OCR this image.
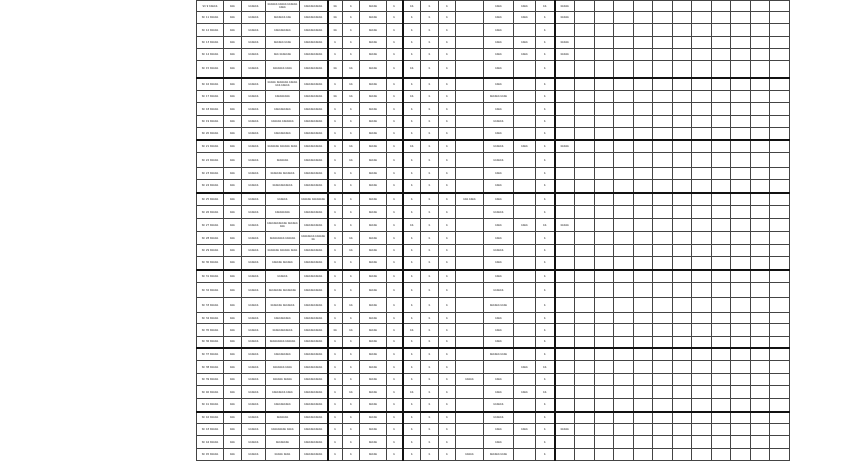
Sh 9 Kbbbb	bbb	bbbbbb	bbbbbb bbbbb bbbbbb bbbb	bbbbbbbbbbb	bb	b	bbbbb	b	bb	b	b		bbbb	bbbb	bb	bbbbb											
Sh 11 Kbbbb	bbb	bbbbbb	bbbbbbb bbb	bbbbbbbbbbb	bb	b	bbbbb	b	b	b	b		bbbb	bbbb	b	bbbbb											
Sh 12 Kbbbb	bbb	bbbbbb	bbbbbbbbbb	bbbbbbbbbbb	bb	b	bbbbb	b	b	b	b		bbbb		b												
Sh 13 Kbbbb	bbb	bbbbbb	bbbbbb bbbb	bbbbbbbbbbb	b	b	bbbbb	b	b	b	b		bbbb	bbbb	b	bbbbb											
Sh 14 Kbbbb	bbb	bbbbbb	bbb bbbbbbb	bbbbbbbbbbb	b	b	bbbbb	b	b	b	b		bbbb	bbbb	b	bbbbb											
Sh 15 Kbbbb	bbb	bbbbbb	bbbbbbb bbbb	bbbbbbbbbbb	bb	bb	bbbbb	b	bb	b	b		bbbb		b												
Sh 16 Kbbbb	bbb	bbbbbb	bbbbb bbbbbbb bbbbbbbb bbbbb	bbbbbbbbbbb	b	bb	bbbbb	b	b	b	b		bbbb		b												
Sh 17 Kbbbb	bbb	bbbbbb	bbbbbbbbb	bbbbbbbbbbb	bb	bb	bbbbb	b	bb	b	b		bbbbbb bbbb		b												
Sh 18 Kbbbb	bbb	bbbbbb	bbbbbbbbbb	bbbbbbbbbbb	b	b	bbbbb	b	b	b	b		bbbb		b												
Sh 19 Kbbbb	bbb	bbbbbb	bbbbbb bbbbbbb	bbbbbbbbbbb	b	b	bbbbb	b	b	b	b		bbbbbb		b												
Sh 20 Kbbbb	bbb	bbbbbb	bbbbbbbbbb	bbbbbbbbbbb	b	b	bbbbb	b	b	b	b		bbbb		b												
Sh 21 Kbbbb	bbb	bbbbbb	bbbbbbb bbbbbb bbbb	bbbbbbbbbbb	b	bb	bbbbb	b	bb	b	b		bbbbbb	bbbb	b	bbbbb											
Sh 22 Kbbbb	bbb	bbbbbb	bbbbbbb	bbbbbbbbbbb	b	bb	bbbbb	b	b	b	b		bbbbbb		b												
Sh 23 Kbbbb	bbb	bbbbbb	bbbbbbb bbbbbbb	bbbbbbbbbbb	b	b	bbbbb	b	b	b	b		bbbb		b												
Sh 24 Kbbbb	bbb	bbbbbb	bbbbbbbbbbbb	bbbbbbbbbbb	b	b	bbbbb	b	b	b	b		bbbb		b												
Sh 25 Kbbbb	bbb	bbbbbb	bbbbbb	bbbbbb bbbbbbbb	b	b	bbbbb	b	b	b	b	bbb bbbb	bbbb		b												
Sh 26 Kbbbb	bbb	bbbbbb	bbbbbbbbb	bbbbbbbbbbb	b	b	bbbbb	b	b	b	b		bbbbbb		b												
Sh 27 Kbbbb	bbb	bbbbbb	bbbbbbbbbbbb bbbbbbbbb	bbbbbbbbbbb	b	b	bbbbb	b	bb	b	b		bbbb	bbbb	bb	bbbbb											
Sh 28 Kbbbb	bbb	bbbbbb	bbbbbbbbb bbbbbb	bbbbbbbb bbbbbbbb	b	bb	bbbbb	b	b	b	b		bbbb		b												
Sh 29 Kbbbb	bbb	bbbbbb	bbbbbbb bbbbbb bbbb	bbbbbbbbbbb	b	bb	bbbbb	b	b	b	b		bbbbbb		b												
Sh 30 Kbbbb	bbb	bbbbbb	bbbbbb bbbbbb	bbbbbbbbbbb	b	b	bbbbb	b	b	b	b		bbbb		b												
Sh 31 Kbbbb	bbb	bbbbbb	bbbbbb	bbbbbbbbbbb	b	b	bbbbb	b	b	b	b		bbbb		b												
Sh 32 Kbbbb	bbb	bbbbbb	bbbbbbbb bbbbbbbb	bbbbbbbbbbb	b	b	bbbbb	b	b	b	b		bbbbbb		b												
Sh 33 Kbbbb	bbb	bbbbbb	bbbbbbb bbbbbbb	bbbbbbbbbbb	b	bb	bbbbb	b	b	b	b		bbbbbb bbbb		b												
Sh 34 Kbbbb	bbb	bbbbbb	bbbbbbbbbb	bbbbbbbbbbb	b	b	bbbbb	b	b	b	b		bbbb		b												
Sh 35 Kbbbb	bbb	bbbbbb	bbbbbbbbbbbb	bbbbbbbbbbb	bb	bb	bbbbb	b	bb	b	b		bbbb		b												
Sh 36 Kbbbb	bbb	bbbbbb	bbbbbbbbb bbbbbb	bbbbbbbbbbb	b	b	bbbbb	b	b	b	b		bbbb		b												
Sh 37 Kbbbb	bbb	bbbbbb	bbbbbbbbbb	bbbbbbbbbbb	b	b	bbbbb	b	b	b	b		bbbbbb bbbb		b												
Sh 38 Kbbbb	bbb	bbbbbb	bbbbbbb bbbb	bbbbbbbbbbb	b	b	bbbbb	b	b	b	b			bbbb	bb												
Sh 39 Kbbbb	bbb	bbbbbb	bbbbbb bbbbb	bbbbbbbbbbb	b	b	bbbbb	b	b	b	b	bbbbb	bbbb		b												
Sh 40 Kbbbb	bbb	bbbbbb	bbbbbbbb bbbb	bbbbbbbbbbb	b	bb	bbbbb	b	bb	b	b		bbbb	bbbb	bb												
Sh 41 Kbbbb	bbb	bbbbbb	bbbbbbbbbb	bbbbbbbbbbb	b	b	bbbbb	b	b	b	b		bbbbbb		b												
Sh 42 Kbbbb	bbb	bbbbbb	bbbbbbb	bbbbbbbbbbb	b	b	bbbbb	b	b	b	b		bbbbbb		b												
Sh 43 Kbbbb	bbb	bbbbbb	bbbbbbbbb bbbb	bbbbbbbbbbb	b	b	bbbbb	b	b	b	b		bbbb	bbbb	b	bbbbb											
Sh 44 Kbbbb	bbb	bbbbbb	bbbbbbbb	bbbbbbbbbbb	b	b	bbbbb	b	b	b	b		bbbb		b												
Sh 45 Kbbbb	bbb	bbbbbb	bbbbb bbbb	bbbbbbbbbbb	b	b	bbbbb	b	b	b	b	bbbbb	bbbbbb bbbb		b												
